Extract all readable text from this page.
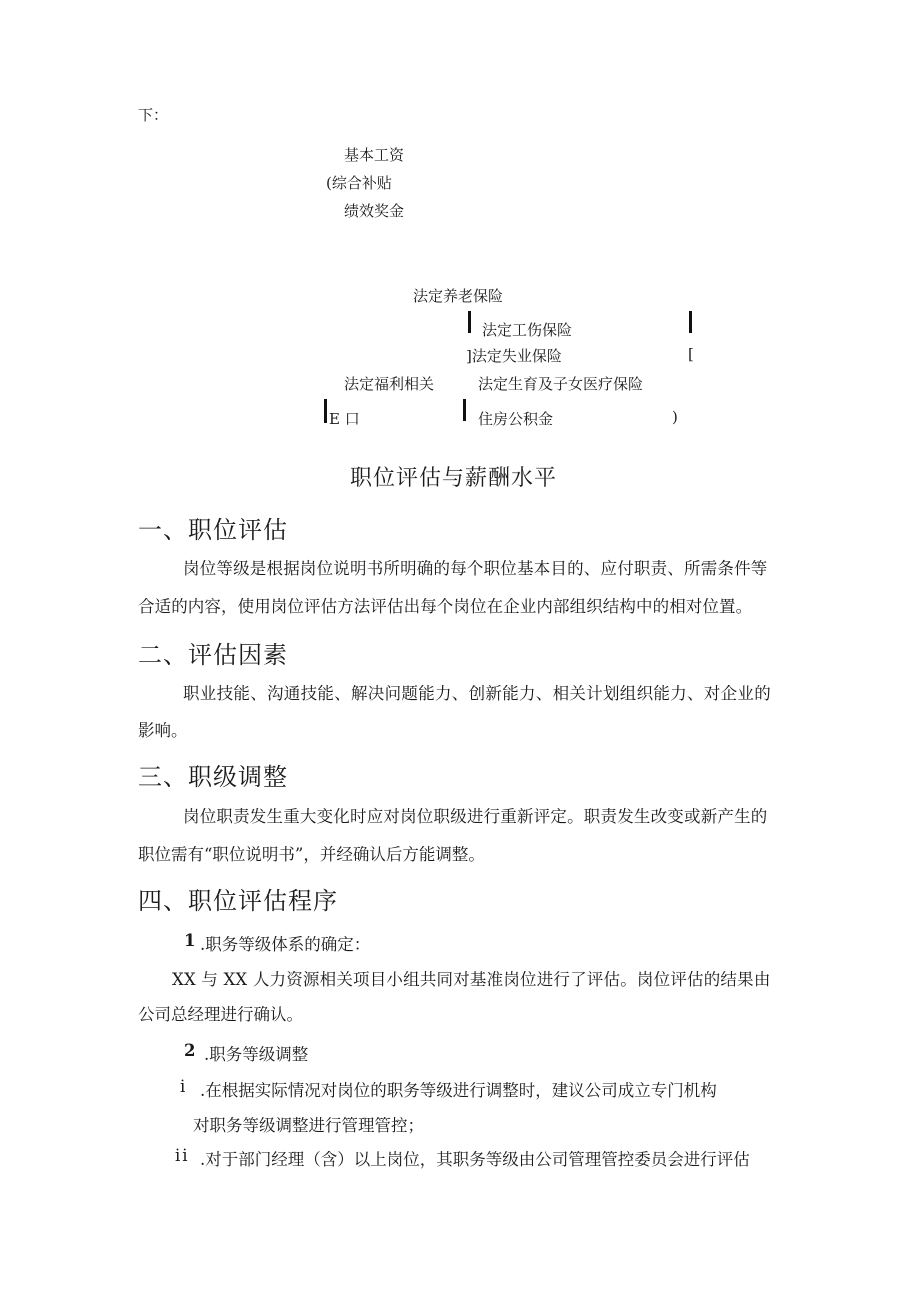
下：
基本工资
(综合补贴
绩效奖金
法定养老保险
法定工伤保险
]法定失业保险	[
法定福利相关	法定生育及子女医疗保险
E 口	住房公积金	)
职位评估与薪酬水平
一、职位评估
岗位等级是根据岗位说明书所明确的每个职位基本目的、应付职责、所需条件等
合适的内容，使用岗位评估方法评估出每个岗位在企业内部组织结构中的相对位置。
二、评估因素
职业技能、沟通技能、解决问题能力、创新能力、相关计划组织能力、对企业的
影响。
三、职级调整
岗位职责发生重大变化时应对岗位职级进行重新评定。职责发生改变或新产生的
职位需有“职位说明书”，并经确认后方能调整。
四、职位评估程序
1 .职务等级体系的确定：
XX 与 XX 人力资源相关项目小组共同对基准岗位进行了评估。岗位评估的结果由
公司总经理进行确认。
2 .职务等级调整
i .在根据实际情况对岗位的职务等级进行调整时，建议公司成立专门机构
对职务等级调整进行管理管控；
ii .对于部门经理（含）以上岗位，其职务等级由公司管理管控委员会进行评估
